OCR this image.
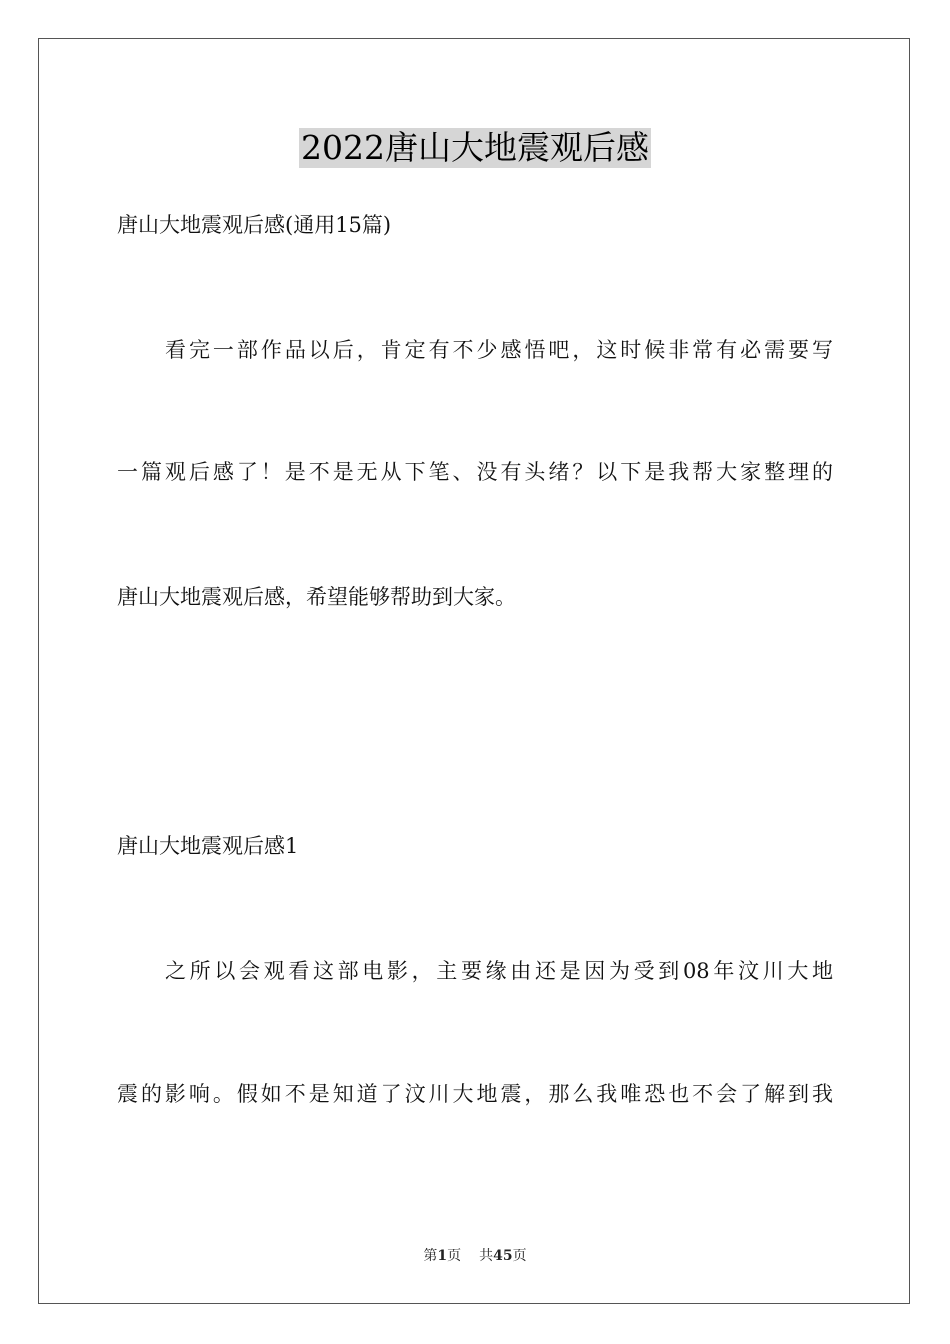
2022唐山大地震观后感
唐山大地震观后感(通用15篇)
看完一部作品以后，肯定有不少感悟吧，这时候非常有必需要写
一篇观后感了！是不是无从下笔、没有头绪？以下是我帮大家整理的
唐山大地震观后感，希望能够帮助到大家。
唐山大地震观后感1
之所以会观看这部电影，主要缘由还是因为受到08年汶川大地
震的影响。假如不是知道了汶川大地震，那么我唯恐也不会了解到我
第1页 共45页
